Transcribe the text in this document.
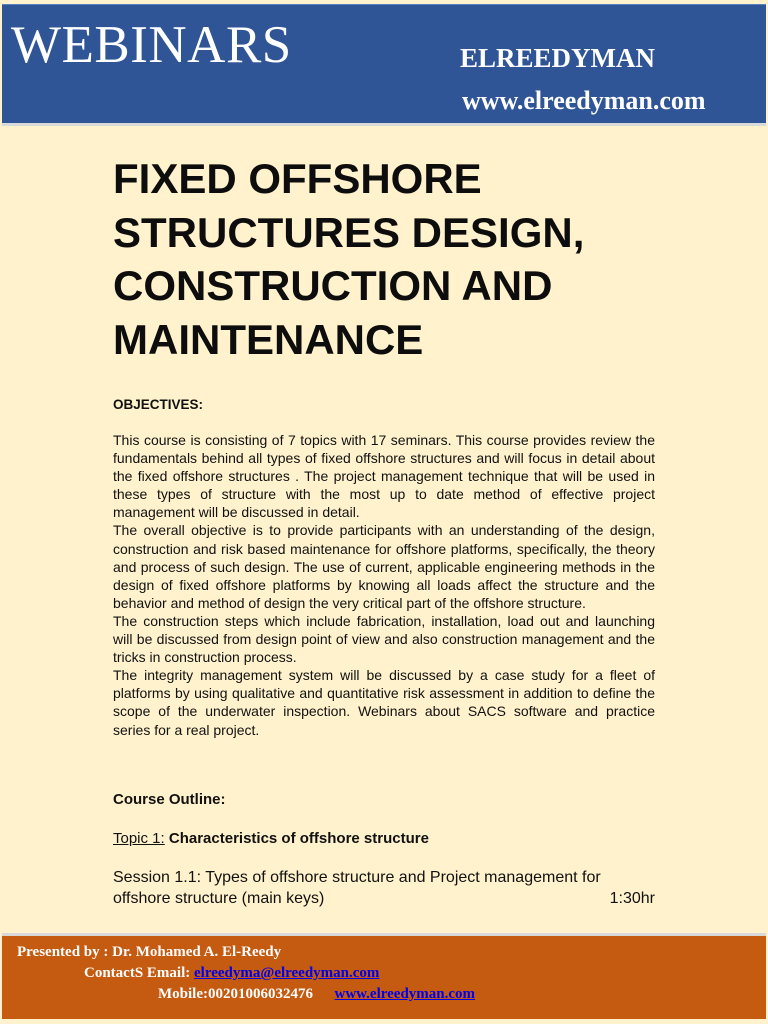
WEBINARS	ELREEDYMAN
www.elreedyman.com
FIXED OFFSHORE STRUCTURES DESIGN, CONSTRUCTION AND MAINTENANCE
OBJECTIVES:

This course is consisting of 7 topics with 17 seminars. This course provides review the fundamentals behind all types of fixed offshore structures and will focus in detail about the fixed offshore structures . The project management technique that will be used in these types of structure with the most up to date method of effective project management will be discussed in detail.

The overall objective is to provide participants with an understanding of the design, construction and risk based maintenance for offshore platforms, specifically, the theory and process of such design. The use of current, applicable engineering methods in the design of fixed offshore platforms by knowing all loads affect the structure and the behavior and method of design the very critical part of the offshore structure.

The construction steps which include fabrication, installation, load out and launching will be discussed from design point of view and also construction management and the tricks in construction process.

The integrity management system will be discussed by a case study for a fleet of platforms by using qualitative and quantitative risk assessment in addition to define the scope of the underwater inspection. Webinars about SACS software and practice series for a real project.

Course Outline:
Topic 1: Characteristics of offshore structure
Session 1.1: Types of offshore structure and Project management for
offshore structure (main keys)	1:30hr
Presented by : Dr. Mohamed A. El-Reedy
ContactS Email: elreedyma@elreedyman.com
Mobile:00201006032476 www.elreedyman.com
